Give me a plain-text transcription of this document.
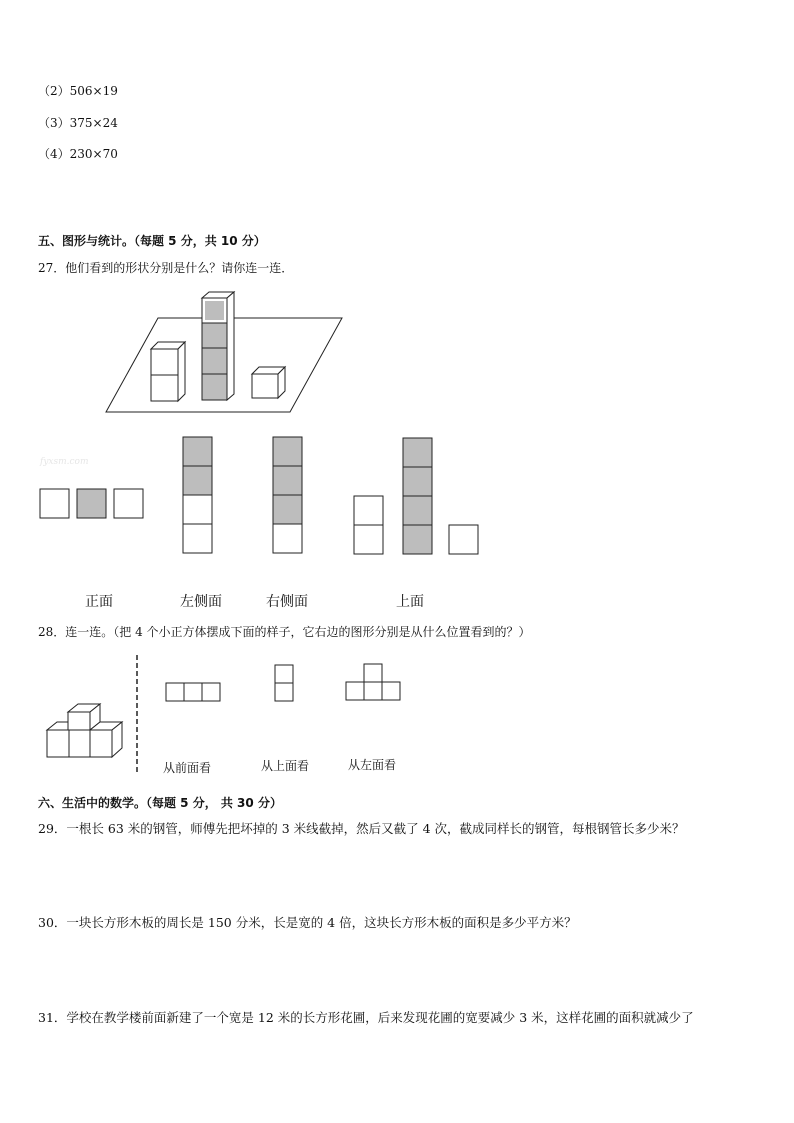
（2）506×19
（3）375×24
（4）230×70
五、图形与统计。（每题 5 分，共 10 分）
27．他们看到的形状分别是什么？请你连一连．
fyxsm.com
正面	左侧面	右侧面	上面
28．连一连。（把 4 个小正方体摆成下面的样子，它右边的图形分别是从什么位置看到的？）
从前面看	从上面看	从左面看
六、生活中的数学。（每题 5 分， 共 30 分）
29．一根长 63 米的钢管，师傅先把坏掉的 3 米线截掉，然后又截了 4 次，截成同样长的钢管，每根钢管长多少米？
30．一块长方形木板的周长是 150 分米，长是宽的 4 倍，这块长方形木板的面积是多少平方米？
31．学校在教学楼前面新建了一个宽是 12 米的长方形花圃，后来发现花圃的宽要减少 3 米，这样花圃的面积就减少了
